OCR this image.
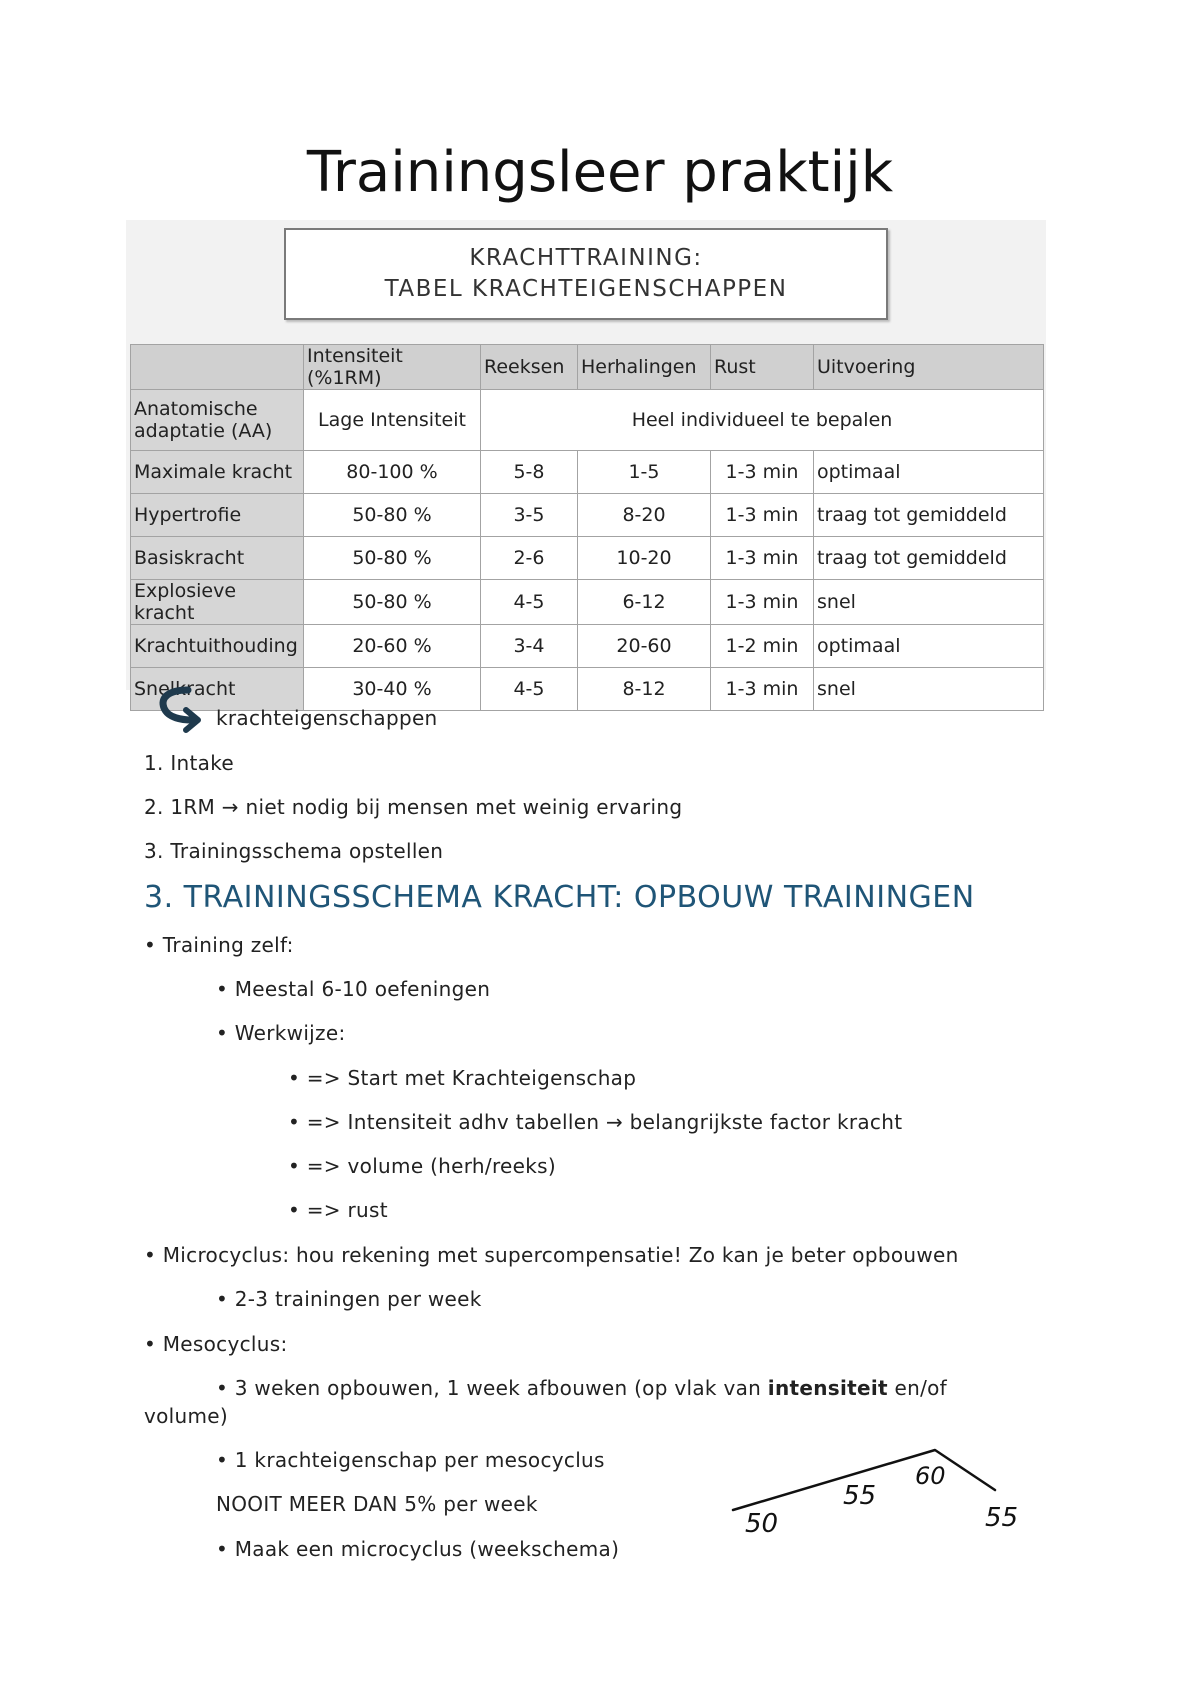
Trainingsleer praktijk
KRACHTTRAINING:
TABEL KRACHTEIGENSCHAPPEN
	Intensiteit (%1RM)	Reeksen	Herhalingen	Rust	Uitvoering

Anatomische
adaptatie (AA)	Lage Intensiteit	Heel individueel te bepalen			
Maximale kracht	80-100 %	5-8	1-5	1-3 min	optimaal
Hypertrofie	50-80 %	3-5	8-20	1-3 min	traag tot gemiddeld
Basiskracht	50-80 %	2-6	10-20	1-3 min	traag tot gemiddeld
Explosieve kracht	50-80 %	4-5	6-12	1-3 min	snel
Krachtuithouding	20-60 %	3-4	20-60	1-2 min	optimaal
Snelkracht	30-40 %	4-5	8-12	1-3 min	snel
krachteigenschappen
1. Intake
2. 1RM → niet nodig bij mensen met weinig ervaring
3. Trainingsschema opstellen
3. TRAININGSSCHEMA KRACHT: OPBOUW TRAININGEN
• Training zelf:
• Meestal 6-10 oefeningen
• Werkwijze:
• => Start met Krachteigenschap
• => Intensiteit adhv tabellen → belangrijkste factor kracht
• => volume (herh/reeks)
• => rust
• Microcyclus: hou rekening met supercompensatie! Zo kan je beter opbouwen
• 2-3 trainingen per week
• Mesocyclus:
• 3 weken opbouwen, 1 week afbouwen (op vlak van intensiteit en/of
volume)
• 1 krachteigenschap per mesocyclus
NOOIT MEER DAN 5% per week
• Maak een microcyclus (weekschema)
50
55
60
55
